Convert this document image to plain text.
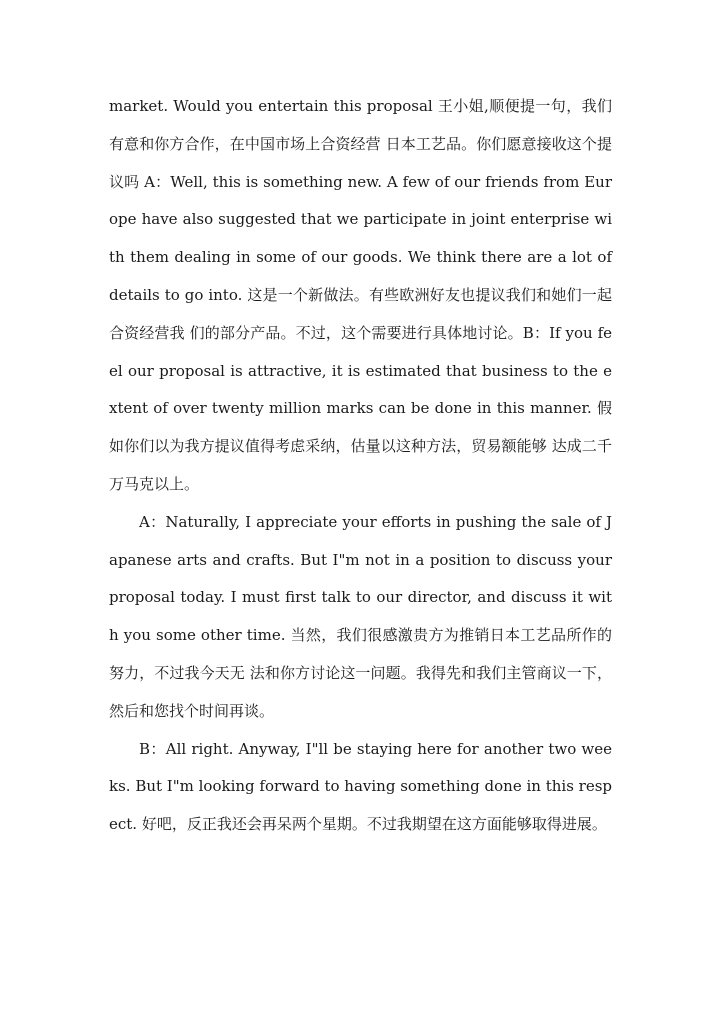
market. Would you entertain this proposal 王小姐,顺便提一句，我们有意和你方合作，在中国市场上合资经营 日本工艺品。你们愿意接收这个提议吗 A：Well, this is something new. A few of our friends from Europe have also suggested that we participate in joint enterprise with them dealing in some of our goods. We think there are a lot of details to go into. 这是一个新做法。有些欧洲好友也提议我们和她们一起合资经营我 们的部分产品。不过，这个需要进行具体地讨论。B：If you feel our proposal is attractive, it is estimated that business to the extent of over twenty million marks can be done in this manner. 假如你们以为我方提议值得考虑采纳，估量以这种方法，贸易额能够 达成二千万马克以上。

A：Naturally, I appreciate your efforts in pushing the sale of Japanese arts and crafts. But I"m not in a position to discuss your proposal today. I must first talk to our director, and discuss it with you some other time. 当然，我们很感激贵方为推销日本工艺品所作的努力，不过我今天无 法和你方讨论这一问题。我得先和我们主管商议一下，然后和您找个时间再谈。

B：All right. Anyway, I"ll be staying here for another two weeks. But I"m looking forward to having something done in this respect. 好吧，反正我还会再呆两个星期。不过我期望在这方面能够取得进展。
